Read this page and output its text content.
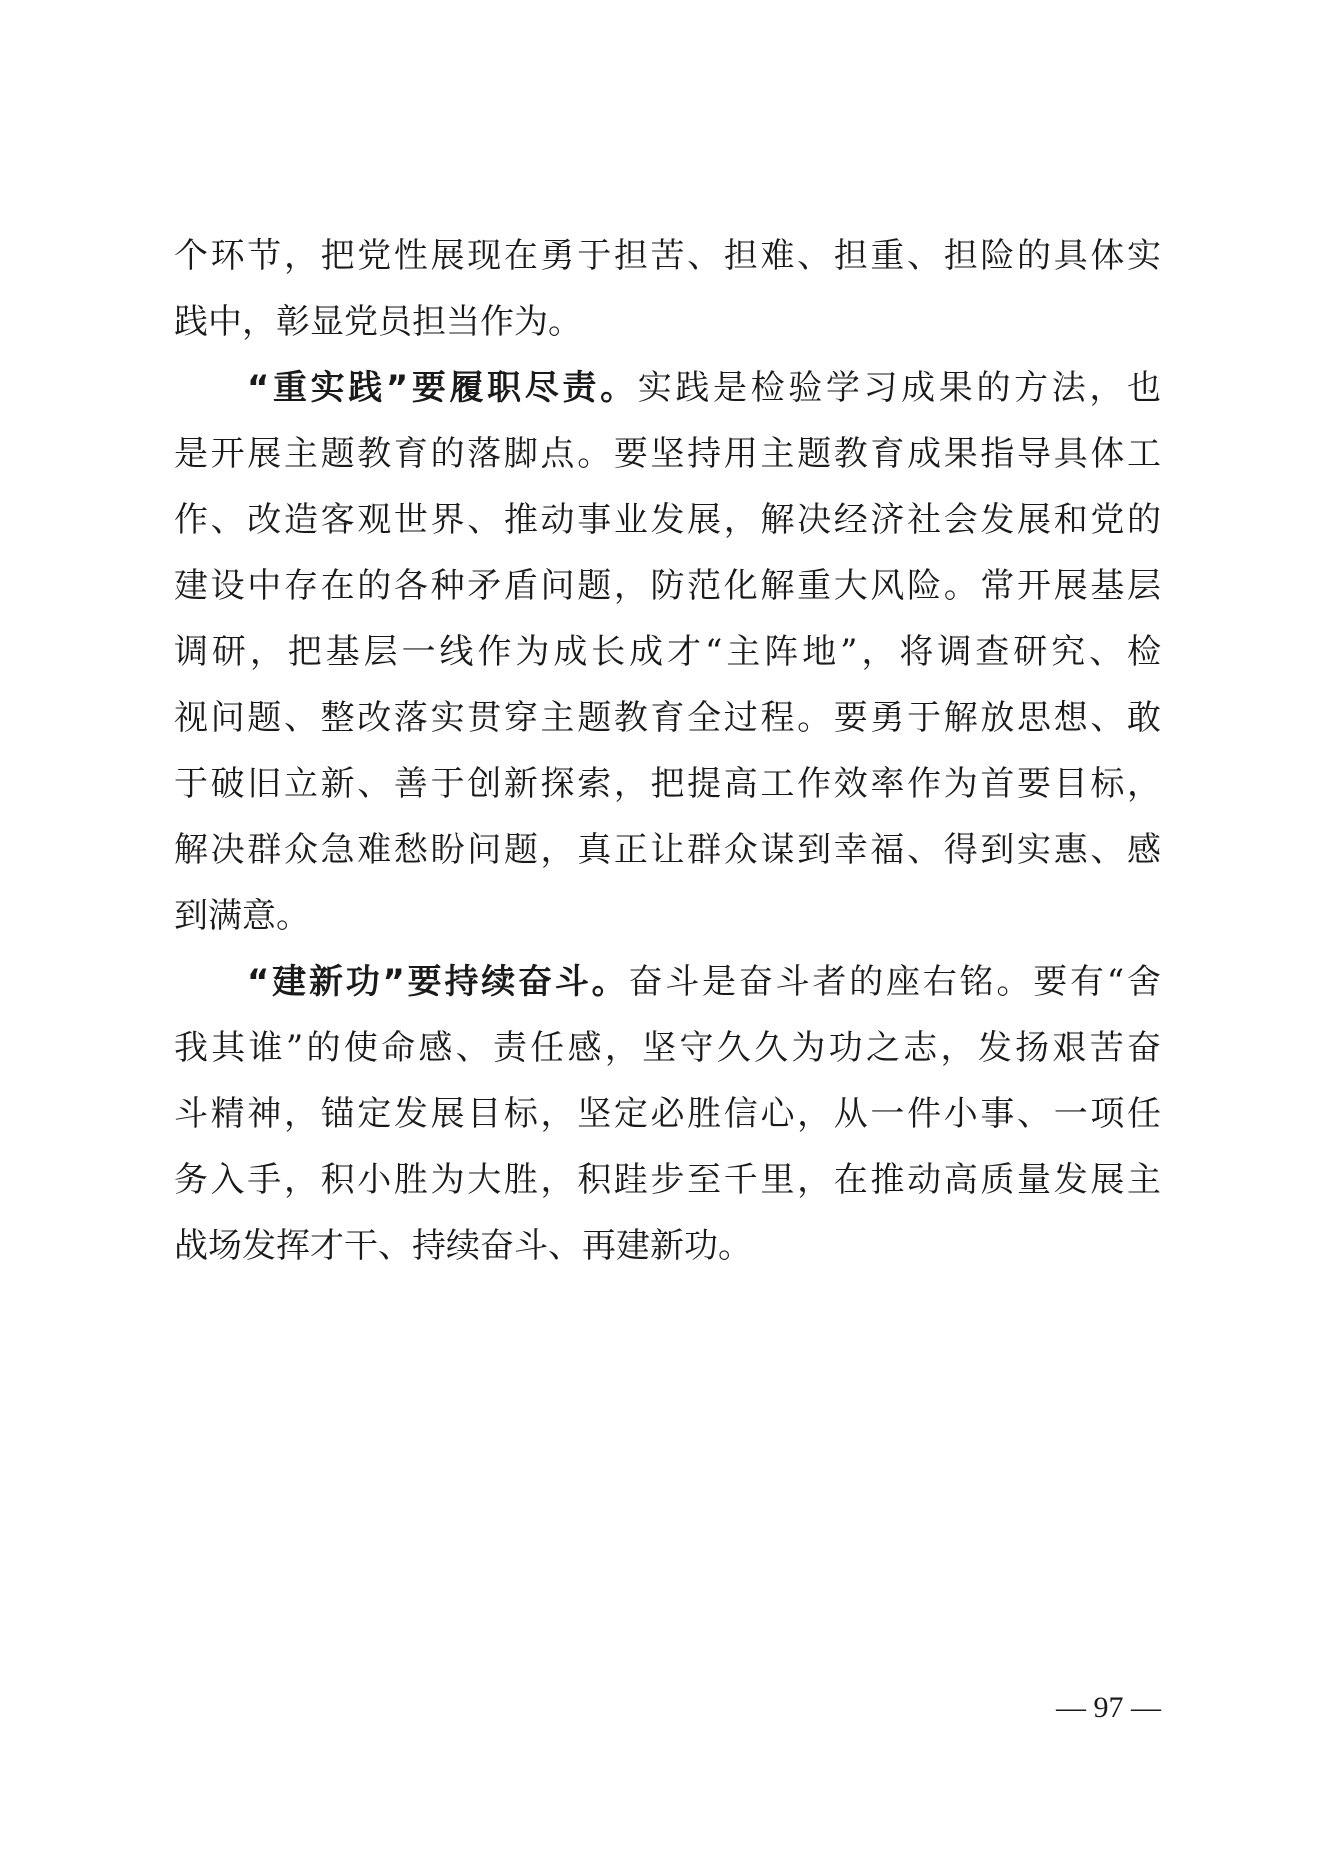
个环节，把党性展现在勇于担苦、担难、担重、担险的具体实
践中，彰显党员担当作为。
“重实践”要履职尽责。实践是检验学习成果的方法，也
是开展主题教育的落脚点。要坚持用主题教育成果指导具体工
作、改造客观世界、推动事业发展，解决经济社会发展和党的
建设中存在的各种矛盾问题，防范化解重大风险。常开展基层
调研，把基层一线作为成长成才“主阵地”，将调查研究、检
视问题、整改落实贯穿主题教育全过程。要勇于解放思想、敢
于破旧立新、善于创新探索，把提高工作效率作为首要目标，
解决群众急难愁盼问题，真正让群众谋到幸福、得到实惠、感
到满意。
“建新功”要持续奋斗。奋斗是奋斗者的座右铭。要有“舍
我其谁”的使命感、责任感，坚守久久为功之志，发扬艰苦奋
斗精神，锚定发展目标，坚定必胜信心，从一件小事、一项任
务入手，积小胜为大胜，积跬步至千里，在推动高质量发展主
战场发挥才干、持续奋斗、再建新功。
— 97 —
